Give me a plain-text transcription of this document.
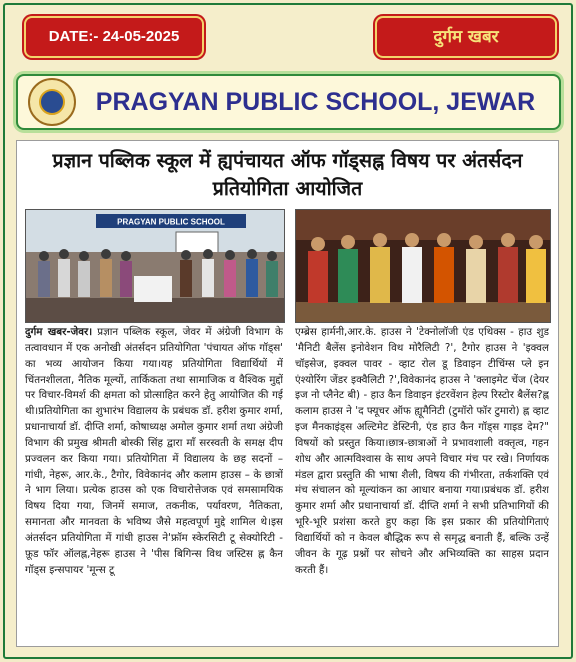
DATE:- 24-05-2025	दुर्गम खबर
PRAGYAN PUBLIC SCHOOL, JEWAR
प्रज्ञान पब्लिक स्कूल में ह्यपंचायत ऑफ गॉड्सह्न विषय पर अंतर्सदन प्रतियोगिता आयोजित
PRAGYAN PUBLIC SCHOOL
दुर्गम खबर-जेवर। प्रज्ञान पब्लिक स्कूल, जेवर में अंग्रेजी विभाग के तत्वावधान में एक अनोखी अंतर्सदन प्रतियोगिता 'पंचायत ऑफ गॉड्स' का भव्य आयोजन किया गया।यह प्रतियोगिता विद्यार्थियों में चिंतनशीलता, नैतिक मूल्यों, तार्किकता तथा सामाजिक व वैश्विक मुद्दों पर विचार-विमर्श की क्षमता को प्रोत्साहित करने हेतु आयोजित की गई थी।प्रतियोगिता का शुभारंभ विद्यालय के प्रबंधक डॉ. हरीश कुमार शर्मा, प्रधानाचार्या डॉ. दीप्ति शर्मा, कोषाध्यक्ष अमोल कुमार शर्मा तथा अंग्रेजी विभाग की प्रमुख श्रीमती बोस्की सिंह द्वारा माँ सरस्वती के समक्ष दीप प्रज्वलन कर किया गया। प्रतियोगिता में विद्यालय के छह सदनों – गांधी, नेहरू, आर.के., टैगोर, विवेकानंद और कलाम हाउस – के छात्रों ने भाग लिया। प्रत्येक हाउस को एक विचारोत्तेजक एवं समसामयिक विषय दिया गया, जिनमें समाज, तकनीक, पर्यावरण, नैतिकता, समानता और मानवता के भविष्य जैसे महत्वपूर्ण मुद्दे शामिल थे।इस अंतर्सदन प्रतियोगिता में गांधी हाउस ने'फ्रॉम स्केरसिटी टू सेक्योरिटी - फ़ूड फॉर ऑलह्न,नेहरू हाउस ने 'पीस बिगिन्स विथ जस्टिस ह्न कैन गॉड्स इन्सपायर 'मून्स टू
एम्ब्रेस हार्मनी,आर.के. हाउस ने 'टेक्नोलॉजी एंड एथिक्स - हाउ शुड 'मैनिटी बैलेंस इनोवेशन विथ मोरैलिटी ?', टैगोर हाउस ने 'इक्वल चॉइसेज, इक्वल पावर - व्हाट रोल डू डिवाइन टीचिंग्स प्ले इन एंश्योरिंग जेंडर इक्वैलिटी ?',विवेकानंद हाउस ने 'क्लाइमेट चेंज (देयर इज नो प्लैनेट बी) - हाउ कैन डिवाइन इंटरवेंशन हेल्प रिस्टोर बैलेंस?ह्न कलाम हाउस ने 'द फ्यूचर ऑफ ह्यूमैनिटी (टुमॉरो फॉर टुमारो) ह्न व्हाट इज मैनकाइंड्स अल्टिमेट डेस्टिनी, एंड हाउ कैन गॉड्स गाइड देम?" विषयों को प्रस्तुत किया।छात्र-छात्राओं ने प्रभावशाली वक्तृत्व, गहन शोध और आत्मविश्वास के साथ अपने विचार मंच पर रखे। निर्णायक मंडल द्वारा प्रस्तुति की भाषा शैली, विषय की गंभीरता, तर्कशक्ति एवं मंच संचालन को मूल्यांकन का आधार बनाया गया।प्रबंधक डॉ. हरीश कुमार शर्मा और प्रधानाचार्या डॉ. दीप्ति शर्मा ने सभी प्रतिभागियों की भूरि-भूरि प्रशंसा करते हुए कहा कि इस प्रकार की प्रतियोगिताएं विद्यार्थियों को न केवल बौद्धिक रूप से समृद्ध बनाती हैं, बल्कि उन्हें जीवन के गूढ़ प्रश्नों पर सोचने और अभिव्यक्ति का साहस प्रदान करती हैं।
